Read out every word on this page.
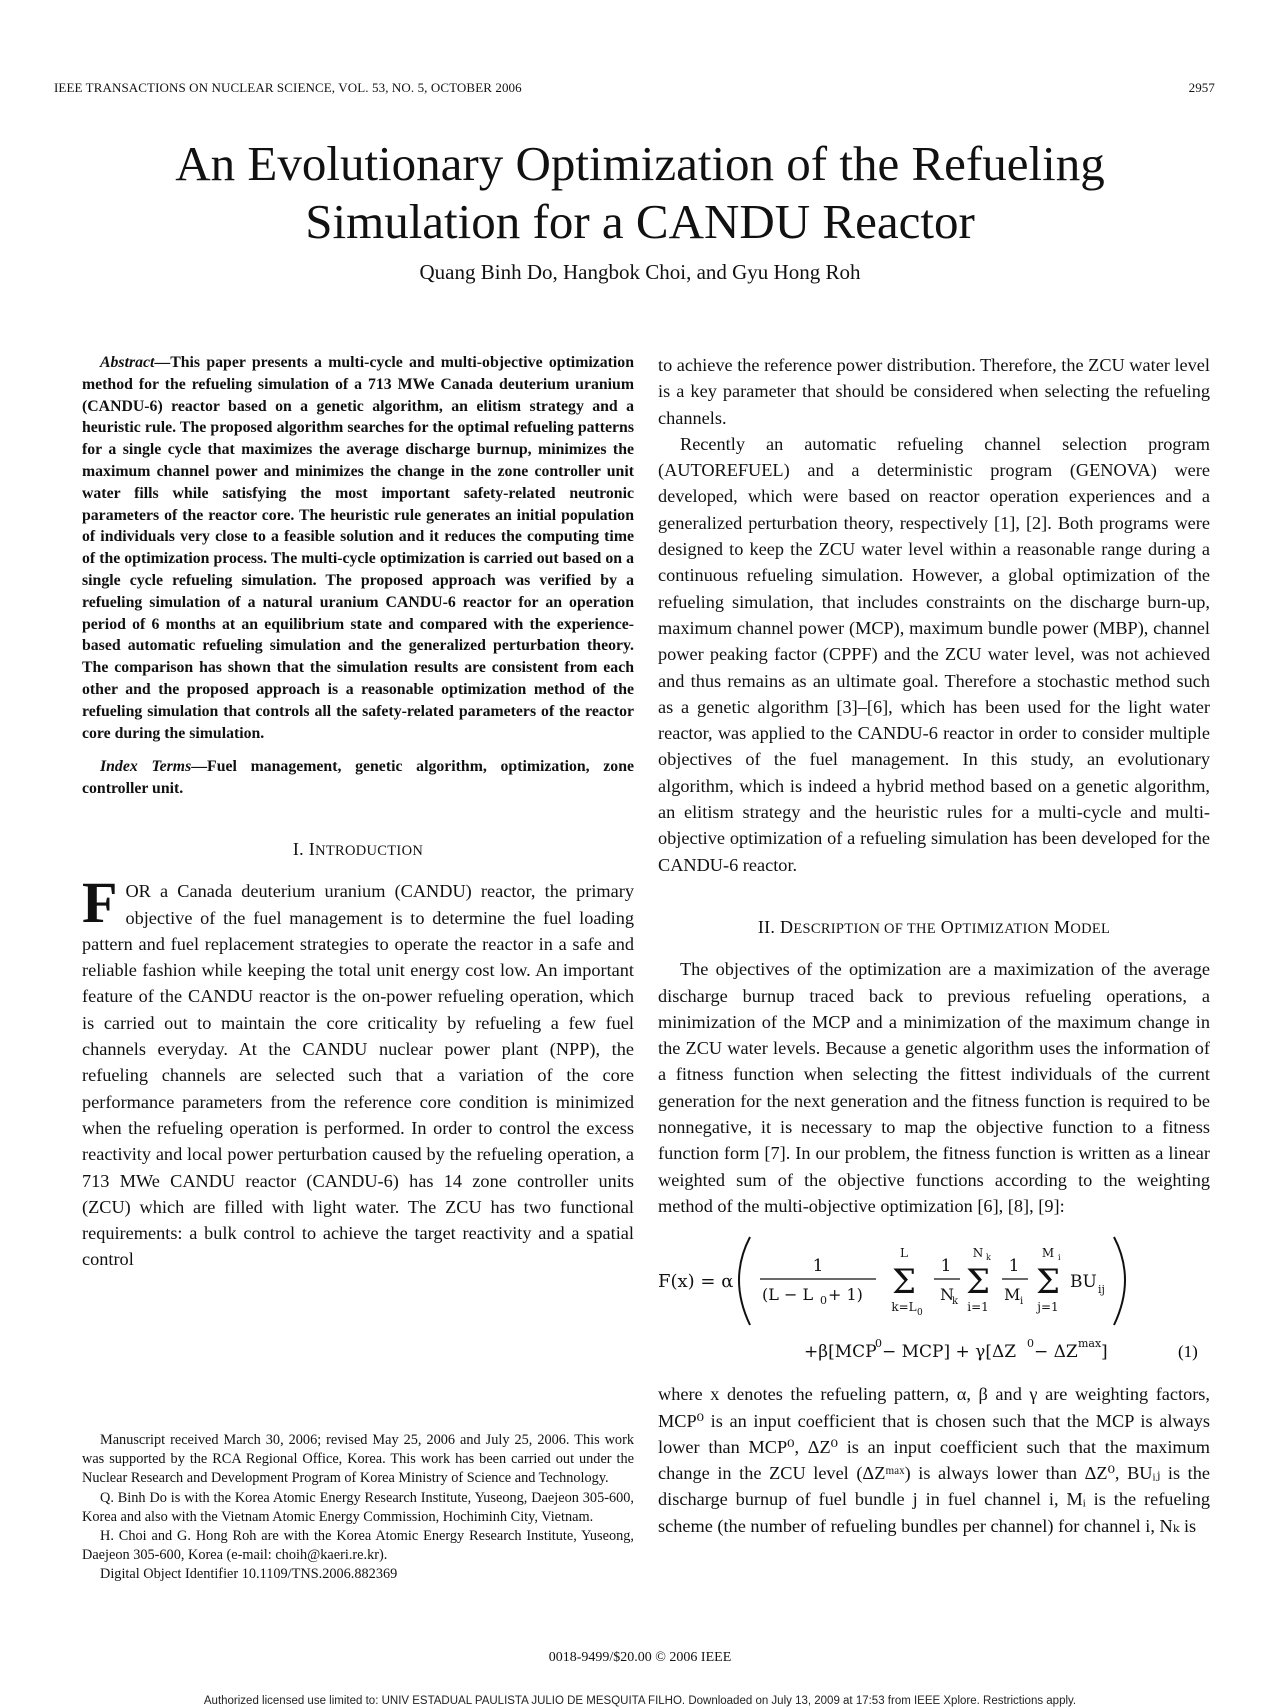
IEEE TRANSACTIONS ON NUCLEAR SCIENCE, VOL. 53, NO. 5, OCTOBER 2006	2957
An Evolutionary Optimization of the Refueling
Simulation for a CANDU Reactor
Quang Binh Do, Hangbok Choi, and Gyu Hong Roh

Abstract—This paper presents a multi-cycle and multi-objective optimization method for the refueling simulation of a 713 MWe Canada deuterium uranium (CANDU-6) reactor based on a genetic algorithm, an elitism strategy and a heuristic rule. The proposed algorithm searches for the optimal refueling patterns for a single cycle that maximizes the average discharge burnup, minimizes the maximum channel power and minimizes the change in the zone controller unit water fills while satisfying the most important safety-related neutronic parameters of the reactor core. The heuristic rule generates an initial population of individuals very close to a feasible solution and it reduces the computing time of the optimization process. The multi-cycle optimization is carried out based on a single cycle refueling simulation. The proposed approach was verified by a refueling simulation of a natural uranium CANDU-6 reactor for an operation period of 6 months at an equilibrium state and compared with the experience-based automatic refueling simulation and the generalized perturbation theory. The comparison has shown that the simulation results are consistent from each other and the proposed approach is a reasonable optimization method of the refueling simulation that controls all the safety-related parameters of the reactor core during the simulation.

Index Terms—Fuel management, genetic algorithm, optimization, zone controller unit.

I. INTRODUCTION

FOR a Canada deuterium uranium (CANDU) reactor, the primary objective of the fuel management is to determine the fuel loading pattern and fuel replacement strategies to operate the reactor in a safe and reliable fashion while keeping the total unit energy cost low. An important feature of the CANDU reactor is the on-power refueling operation, which is carried out to maintain the core criticality by refueling a few fuel channels everyday. At the CANDU nuclear power plant (NPP), the refueling channels are selected such that a variation of the core performance parameters from the reference core condition is minimized when the refueling operation is performed. In order to control the excess reactivity and local power perturbation caused by the refueling operation, a 713 MWe CANDU reactor (CANDU-6) has 14 zone controller units (ZCU) which are filled with light water. The ZCU has two functional requirements: a bulk control to achieve the target reactivity and a spatial control

Manuscript received March 30, 2006; revised May 25, 2006 and July 25, 2006. This work was supported by the RCA Regional Office, Korea. This work has been carried out under the Nuclear Research and Development Program of Korea Ministry of Science and Technology.

Q. Binh Do is with the Korea Atomic Energy Research Institute, Yuseong, Daejeon 305-600, Korea and also with the Vietnam Atomic Energy Commission, Hochiminh City, Vietnam.

H. Choi and G. Hong Roh are with the Korea Atomic Energy Research Institute, Yuseong, Daejeon 305-600, Korea (e-mail: choih@kaeri.re.kr).

Digital Object Identifier 10.1109/TNS.2006.882369

to achieve the reference power distribution. Therefore, the ZCU water level is a key parameter that should be considered when selecting the refueling channels.

Recently an automatic refueling channel selection program (AUTOREFUEL) and a deterministic program (GENOVA) were developed, which were based on reactor operation experiences and a generalized perturbation theory, respectively [1], [2]. Both programs were designed to keep the ZCU water level within a reasonable range during a continuous refueling simulation. However, a global optimization of the refueling simulation, that includes constraints on the discharge burn-up, maximum channel power (MCP), maximum bundle power (MBP), channel power peaking factor (CPPF) and the ZCU water level, was not achieved and thus remains as an ultimate goal. Therefore a stochastic method such as a genetic algorithm [3]–[6], which has been used for the light water reactor, was applied to the CANDU-6 reactor in order to consider multiple objectives of the fuel management. In this study, an evolutionary algorithm, which is indeed a hybrid method based on a genetic algorithm, an elitism strategy and the heuristic rules for a multi-cycle and multi-objective optimization of a refueling simulation has been developed for the CANDU-6 reactor.

II. DESCRIPTION OF THE OPTIMIZATION MODEL

The objectives of the optimization are a maximization of the average discharge burnup traced back to previous refueling operations, a minimization of the MCP and a minimization of the maximum change in the ZCU water levels. Because a genetic algorithm uses the information of a fitness function when selecting the fittest individuals of the current generation for the next generation and the fitness function is required to be nonnegative, it is necessary to map the objective function to a fitness function form [7]. In our problem, the fitness function is written as a linear weighted sum of the objective functions according to the weighting method of the multi-objective optimization [6], [8], [9]:

F(x) = α
1
(L − L 0 + 1)
L
Σ
k=L 0
1
N
k
N k
Σ
i=1
1
M i
M i
Σ
j=1
BU ij
+β[MCP
0 − MCP] + γ[ΔZ 0 − ΔZ max ]	(1)

where x denotes the refueling pattern, α, β and γ are weighting factors, MCP⁰ is an input coefficient that is chosen such that the MCP is always lower than MCP⁰, ΔZ⁰ is an input coefficient such that the maximum change in the ZCU level (ΔZᵐᵃˣ) is always lower than ΔZ⁰, BUᵢⱼ is the discharge burnup of fuel bundle j in fuel channel i, Mᵢ is the refueling scheme (the number of refueling bundles per channel) for channel i, Nₖ is

0018-9499/$20.00 © 2006 IEEE
Authorized licensed use limited to: UNIV ESTADUAL PAULISTA JULIO DE MESQUITA FILHO. Downloaded on July 13, 2009 at 17:53 from IEEE Xplore. Restrictions apply.
